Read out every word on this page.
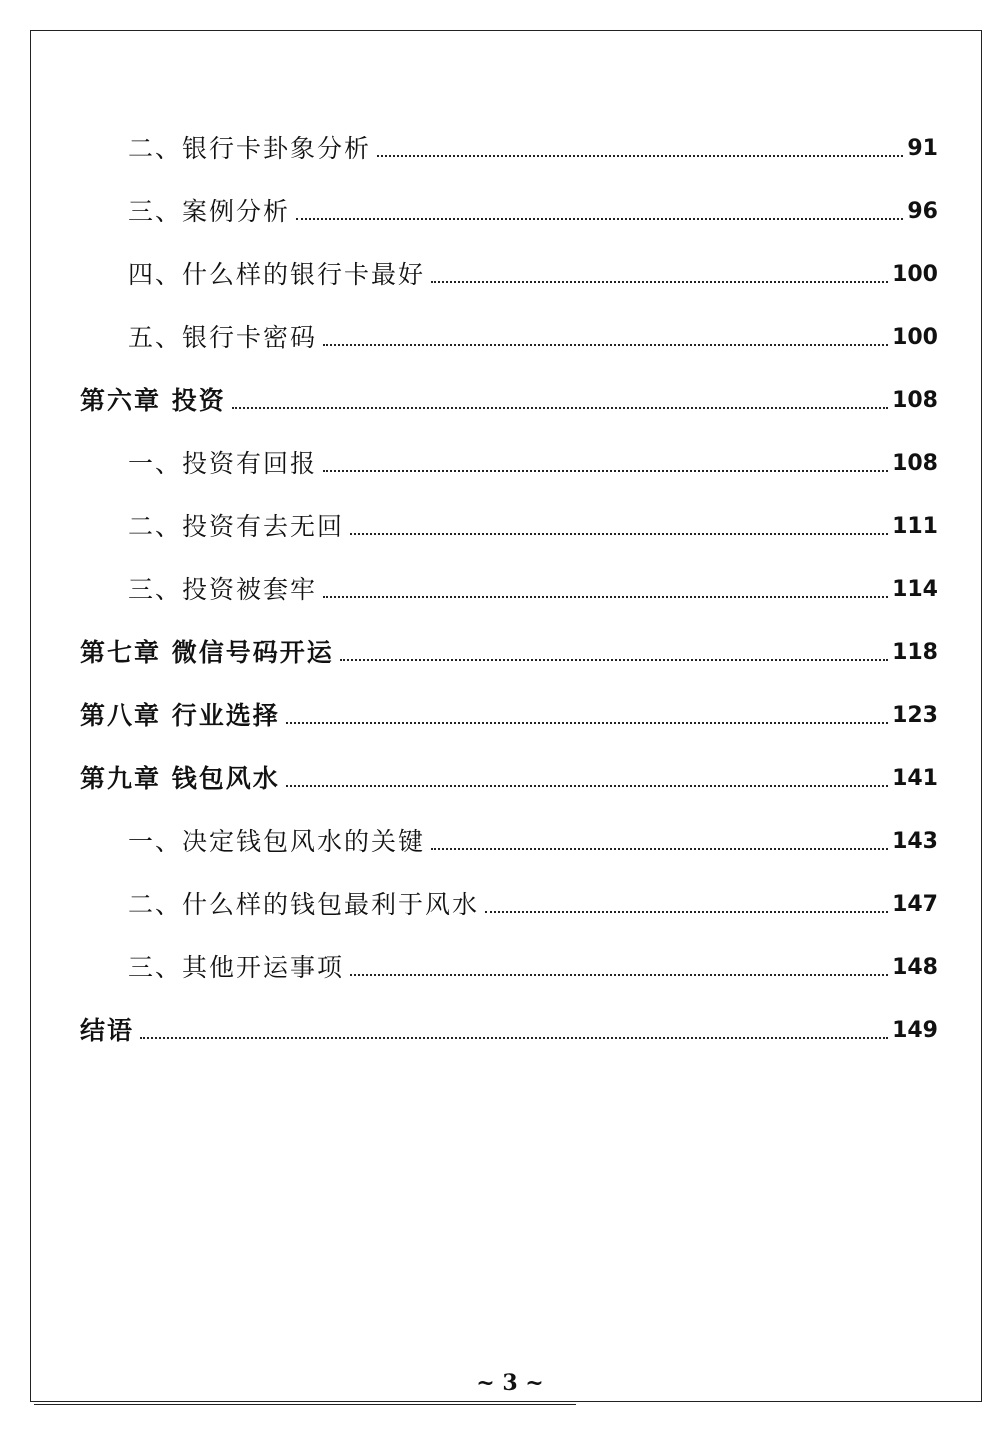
二、银行卡卦象分析	91
三、案例分析	96
四、什么样的银行卡最好	100
五、银行卡密码	100
第六章 投资	108
一、投资有回报	108
二、投资有去无回	111
三、投资被套牢	114
第七章 微信号码开运	118
第八章 行业选择	123
第九章 钱包风水	141
一、决定钱包风水的关键	143
二、什么样的钱包最利于风水	147
三、其他开运事项	148
结语	149
~ 3 ~
